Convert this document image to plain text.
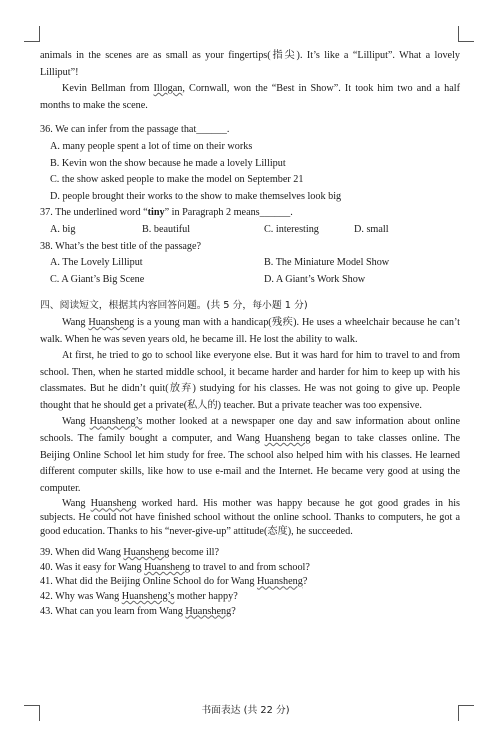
animals in the scenes are as small as your fingertips(指尖). It’s like a “Lilliput”. What a lovely Lilliput”!
Kevin Bellman from Illogan, Cornwall, won the “Best in Show”. It took him two and a half months to make the scene.
36. We can infer from the passage that______.
A. many people spent a lot of time on their works
B. Kevin won the show because he made a lovely Lilliput
C. the show asked people to make the model on September 21
D. people brought their works to the show to make themselves look big
37. The underlined word “tiny” in Paragraph 2 means______.
A. big	B. beautiful	C. interesting	D. small
38. What’s the best title of the passage?
A. The Lovely Lilliput	B. The Miniature Model Show
C. A Giant’s Big Scene	D. A Giant’s Work Show
四、阅读短文，根据其内容回答问题。(共 5 分，每小题 1 分)
Wang Huansheng is a young man with a handicap(残疾). He uses a wheelchair because he can’t walk. When he was seven years old, he became ill. He lost the ability to walk.
At first, he tried to go to school like everyone else. But it was hard for him to travel to and from school. Then, when he started middle school, it became harder and harder for him to keep up with his classmates. But he didn’t quit(放弃) studying for his classes. He was not going to give up. People thought that he should get a private(私人的) teacher. But a private teacher was too expensive.
Wang Huansheng’s mother looked at a newspaper one day and saw information about online schools. The family bought a computer, and Wang Huansheng began to take classes online. The Beijing Online School let him study for free. The school also helped him with his classes. He learned different computer skills, like how to use e-mail and the Internet. He became very good at using the computer.
Wang Huansheng worked hard. His mother was happy because he got good grades in his subjects. He could not have finished school without the online school. Thanks to computers, he got a good education. Thanks to his “never-give-up” attitude(态度), he succeeded.
39. When did Wang Huansheng become ill?
40. Was it easy for Wang Huansheng to travel to and from school?
41. What did the Beijing Online School do for Wang Huansheng?
42. Why was Wang Huansheng’s mother happy?
43. What can you learn from Wang Huansheng?
书面表达 (共 22 分)
